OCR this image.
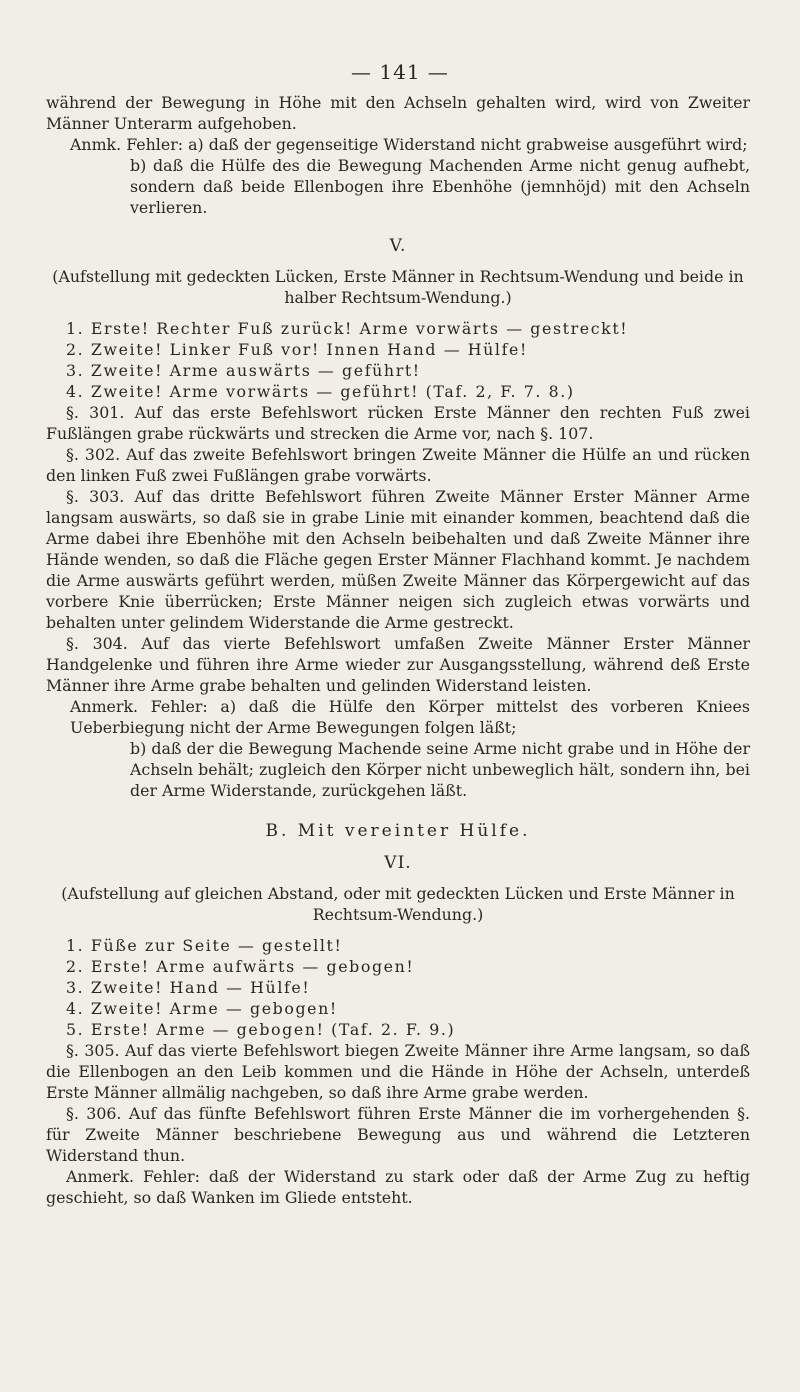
— 141 —

während der Bewegung in Höhe mit den Achseln gehalten wird, wird von Zweiter Männer Unterarm aufgehoben.

Anmk. Fehler: a) daß der gegenseitige Widerstand nicht grabweise ausgeführt wird;

b) daß die Hülfe des die Bewegung Machenden Arme nicht genug aufhebt, sondern daß beide Ellenbogen ihre Ebenhöhe (jemnhöjd) mit den Achseln verlieren.

V.

(Aufstellung mit gedeckten Lücken, Erste Männer in Rechtsum-Wendung und beide in halber Rechtsum-Wendung.)

1. Erste! Rechter Fuß zurück! Arme vorwärts — gestreckt!

2. Zweite! Linker Fuß vor! Innen Hand — Hülfe!

3. Zweite! Arme auswärts — geführt!

4. Zweite! Arme vorwärts — geführt! (Taf. 2, F. 7. 8.)

§. 301. Auf das erste Befehlswort rücken Erste Männer den rechten Fuß zwei Fußlängen grabe rückwärts und strecken die Arme vor, nach §. 107.

§. 302. Auf das zweite Befehlswort bringen Zweite Männer die Hülfe an und rücken den linken Fuß zwei Fußlängen grabe vorwärts.

§. 303. Auf das dritte Befehlswort führen Zweite Männer Erster Männer Arme langsam auswärts, so daß sie in grabe Linie mit einander kommen, beachtend daß die Arme dabei ihre Ebenhöhe mit den Achseln beibehalten und daß Zweite Männer ihre Hände wenden, so daß die Fläche gegen Erster Männer Flachhand kommt. Je nachdem die Arme auswärts geführt werden, müßen Zweite Männer das Körpergewicht auf das vorbere Knie überrücken; Erste Männer neigen sich zugleich etwas vorwärts und behalten unter gelindem Widerstande die Arme gestreckt.

§. 304. Auf das vierte Befehlswort umfaßen Zweite Männer Erster Männer Handgelenke und führen ihre Arme wieder zur Ausgangsstellung, während deß Erste Männer ihre Arme grabe behalten und gelinden Widerstand leisten.

Anmerk. Fehler: a) daß die Hülfe den Körper mittelst des vorberen Kniees Ueberbiegung nicht der Arme Bewegungen folgen läßt;

b) daß der die Bewegung Machende seine Arme nicht grabe und in Höhe der Achseln behält; zugleich den Körper nicht unbeweglich hält, sondern ihn, bei der Arme Widerstande, zurückgehen läßt.

B. Mit vereinter Hülfe.
VI.

(Aufstellung auf gleichen Abstand, oder mit gedeckten Lücken und Erste Männer in Rechtsum-Wendung.)

1. Füße zur Seite — gestellt!

2. Erste! Arme aufwärts — gebogen!

3. Zweite! Hand — Hülfe!

4. Zweite! Arme — gebogen!

5. Erste! Arme — gebogen! (Taf. 2. F. 9.)

§. 305. Auf das vierte Befehlswort biegen Zweite Männer ihre Arme langsam, so daß die Ellenbogen an den Leib kommen und die Hände in Höhe der Achseln, unterdeß Erste Männer allmälig nachgeben, so daß ihre Arme grabe werden.

§. 306. Auf das fünfte Befehlswort führen Erste Männer die im vorhergehenden §. für Zweite Männer beschriebene Bewegung aus und während die Letzteren Widerstand thun.

Anmerk. Fehler: daß der Widerstand zu stark oder daß der Arme Zug zu heftig geschieht, so daß Wanken im Gliede entsteht.
